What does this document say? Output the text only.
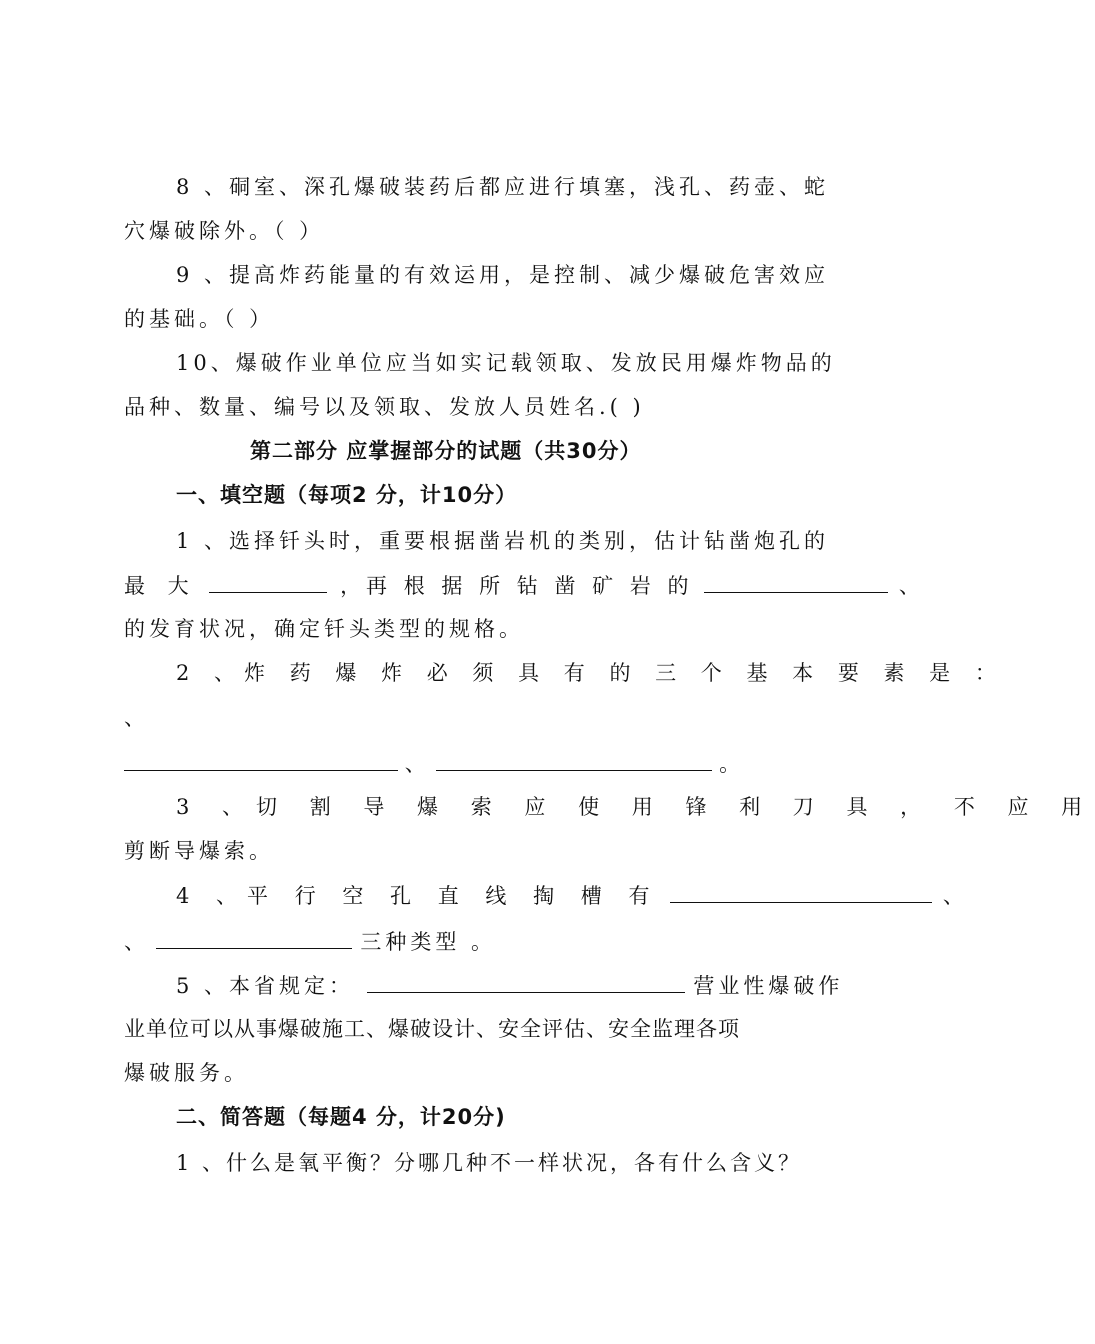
8 、硐室、深孔爆破装药后都应进行填塞，浅孔、药壶、蛇
穴爆破除外。（ ）
9 、提高炸药能量的有效运用，是控制、减少爆破危害效应
的基础。（ ）
10、爆破作业单位应当如实记载领取、发放民用爆炸物品的
品种、数量、编号以及领取、发放人员姓名.( )
第二部分 应掌握部分的试题（共30分）
一、填空题（每项2 分，计10分）
1 、选择钎头时，重要根据凿岩机的类别，估计钻凿炮孔的
最 大	，再 根 据 所 钻 凿 矿 岩 的	、
的发育状况，确定钎头类型的规格。
2 、炸 药 爆 炸 必 须 具 有 的 三 个 基 本 要 素 是 ：
、
、	。
3 、切 割 导 爆 索 应 使 用 锋 利 刀 具 ， 不 应 用
剪断导爆索。
4 、平 行 空 孔 直 线 掏 槽 有	、
、	三种类型 。
5 、本省规定：	营业性爆破作
业单位可以从事爆破施工、爆破设计、安全评估、安全监理各项
爆破服务。
二、简答题（每题4 分，计20分)
1 、什么是氧平衡？分哪几种不一样状况，各有什么含义？
